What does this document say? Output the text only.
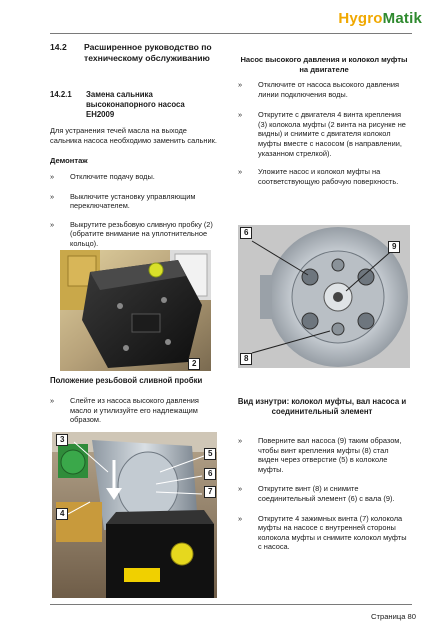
HygroMatik
14.2	Расширенное руководство по техническому обслуживанию
14.2.1	Замена сальника высоконапорного насоса EH2009
Для устранения течей масла на выходе сальника насоса необходимо заменить сальник.
Демонтаж
»	Отключите подачу воды.
»	Выключите установку управляющим переключателем.
»	Выкрутите резьбовую сливную пробку (2) (обратите внимание на уплотнительное кольцо).
2
Положение резьбовой сливной пробки
»	Слейте из насоса высокого давления масло и утилизуйте его надлежащим образом.
3
5
6
7
4
Насос высокого давления и колокол муфты на двигателе
»	Отключите от насоса высокого давления линии подключения воды.
»	Открутите с двигателя 4 винта крепления (3) колокола муфты (2 винта на рисунке не видны) и снимите с двигателя колокол муфты вместе с насосом (в направлении, указанном стрелкой).
»	Уложите насос и колокол муфты на соответствующую рабочую поверхность.
6
9
8
Вид изнутри: колокол муфты, вал насоса и соединительный элемент
»	Поверните вал насоса (9) таким образом, чтобы винт крепления муфты (8) стал виден через отверстие (5) в колоколе муфты.
»	Открутите винт (8) и снимите соединительный элемент (6) с вала (9).
»	Открутите 4 зажимных винта (7) колокола муфты на насосе с внутренней стороны колокола муфты и снимите колокол муфты с насоса.
Страница 80
